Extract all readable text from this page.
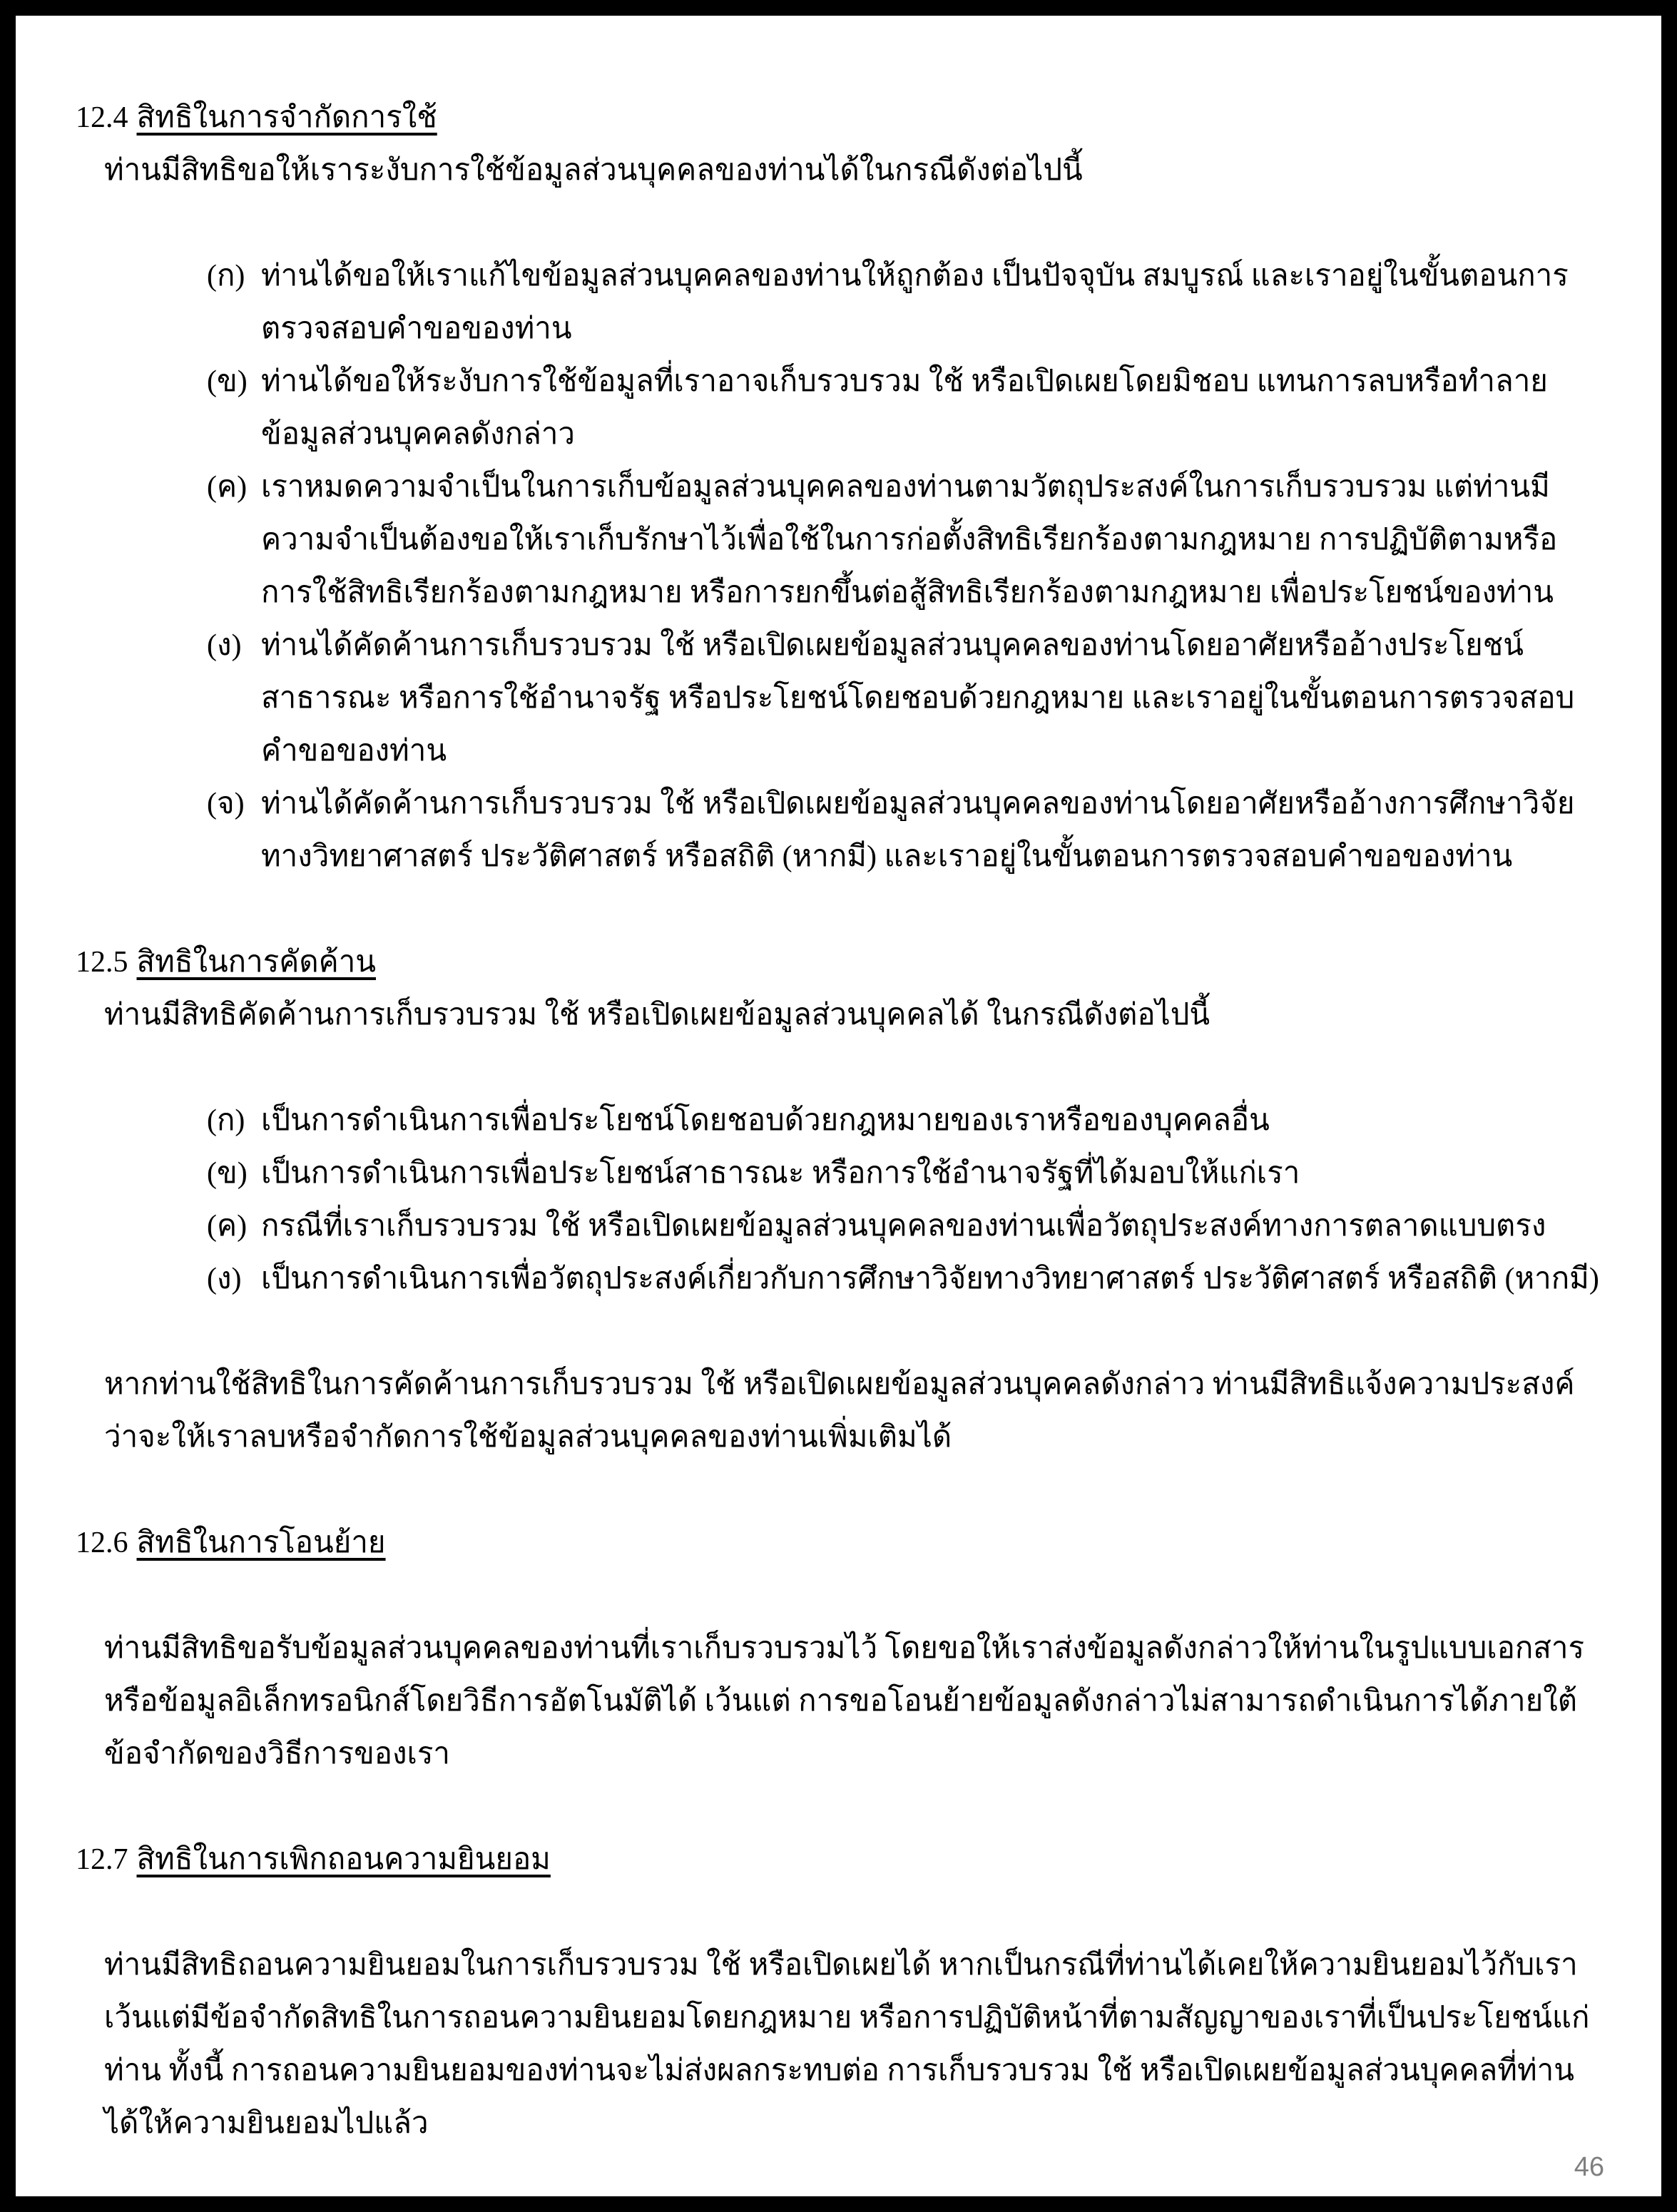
12.4 สิทธิในการจำกัดการใช้
ท่านมีสิทธิขอให้เราระงับการใช้ข้อมูลส่วนบุคคลของท่านได้ในกรณีดังต่อไปนี้
(ก) ท่านได้ขอให้เราแก้ไขข้อมูลส่วนบุคคลของท่านให้ถูกต้อง เป็นปัจจุบัน สมบูรณ์ และเราอยู่ในขั้นตอนการตรวจสอบคำขอของท่าน
(ข) ท่านได้ขอให้ระงับการใช้ข้อมูลที่เราอาจเก็บรวบรวม ใช้ หรือเปิดเผยโดยมิชอบ แทนการลบหรือทำลายข้อมูลส่วนบุคคลดังกล่าว
(ค) เราหมดความจำเป็นในการเก็บข้อมูลส่วนบุคคลของท่านตามวัตถุประสงค์ในการเก็บรวบรวม แต่ท่านมีความจำเป็นต้องขอให้เราเก็บรักษาไว้เพื่อใช้ในการก่อตั้งสิทธิเรียกร้องตามกฎหมาย การปฏิบัติตามหรือการใช้สิทธิเรียกร้องตามกฎหมาย หรือการยกขึ้นต่อสู้สิทธิเรียกร้องตามกฎหมาย เพื่อประโยชน์ของท่าน
(ง) ท่านได้คัดค้านการเก็บรวบรวม ใช้ หรือเปิดเผยข้อมูลส่วนบุคคลของท่านโดยอาศัยหรืออ้างประโยชน์สาธารณะ หรือการใช้อำนาจรัฐ หรือประโยชน์โดยชอบด้วยกฎหมาย และเราอยู่ในขั้นตอนการตรวจสอบคำขอของท่าน
(จ) ท่านได้คัดค้านการเก็บรวบรวม ใช้ หรือเปิดเผยข้อมูลส่วนบุคคลของท่านโดยอาศัยหรืออ้างการศึกษาวิจัยทางวิทยาศาสตร์ ประวัติศาสตร์ หรือสถิติ (หากมี) และเราอยู่ในขั้นตอนการตรวจสอบคำขอของท่าน
12.5 สิทธิในการคัดค้าน
ท่านมีสิทธิคัดค้านการเก็บรวบรวม ใช้ หรือเปิดเผยข้อมูลส่วนบุคคลได้ ในกรณีดังต่อไปนี้
(ก) เป็นการดำเนินการเพื่อประโยชน์โดยชอบด้วยกฎหมายของเราหรือของบุคคลอื่น
(ข) เป็นการดำเนินการเพื่อประโยชน์สาธารณะ หรือการใช้อำนาจรัฐที่ได้มอบให้แก่เรา
(ค) กรณีที่เราเก็บรวบรวม ใช้ หรือเปิดเผยข้อมูลส่วนบุคคลของท่านเพื่อวัตถุประสงค์ทางการตลาดแบบตรง
(ง) เป็นการดำเนินการเพื่อวัตถุประสงค์เกี่ยวกับการศึกษาวิจัยทางวิทยาศาสตร์ ประวัติศาสตร์ หรือสถิติ (หากมี)
หากท่านใช้สิทธิในการคัดค้านการเก็บรวบรวม ใช้ หรือเปิดเผยข้อมูลส่วนบุคคลดังกล่าว ท่านมีสิทธิแจ้งความประสงค์ว่าจะให้เราลบหรือจำกัดการใช้ข้อมูลส่วนบุคคลของท่านเพิ่มเติมได้
12.6 สิทธิในการโอนย้าย
ท่านมีสิทธิขอรับข้อมูลส่วนบุคคลของท่านที่เราเก็บรวบรวมไว้ โดยขอให้เราส่งข้อมูลดังกล่าวให้ท่านในรูปแบบเอกสารหรือข้อมูลอิเล็กทรอนิกส์โดยวิธีการอัตโนมัติได้ เว้นแต่ การขอโอนย้ายข้อมูลดังกล่าวไม่สามารถดำเนินการได้ภายใต้ข้อจำกัดของวิธีการของเรา
12.7 สิทธิในการเพิกถอนความยินยอม
ท่านมีสิทธิถอนความยินยอมในการเก็บรวบรวม ใช้ หรือเปิดเผยได้ หากเป็นกรณีที่ท่านได้เคยให้ความยินยอมไว้กับเรา เว้นแต่มีข้อจำกัดสิทธิในการถอนความยินยอมโดยกฎหมาย หรือการปฏิบัติหน้าที่ตามสัญญาของเราที่เป็นประโยชน์แก่ท่าน ทั้งนี้ การถอนความยินยอมของท่านจะไม่ส่งผลกระทบต่อ การเก็บรวบรวม ใช้ หรือเปิดเผยข้อมูลส่วนบุคคลที่ท่านได้ให้ความยินยอมไปแล้ว
46
